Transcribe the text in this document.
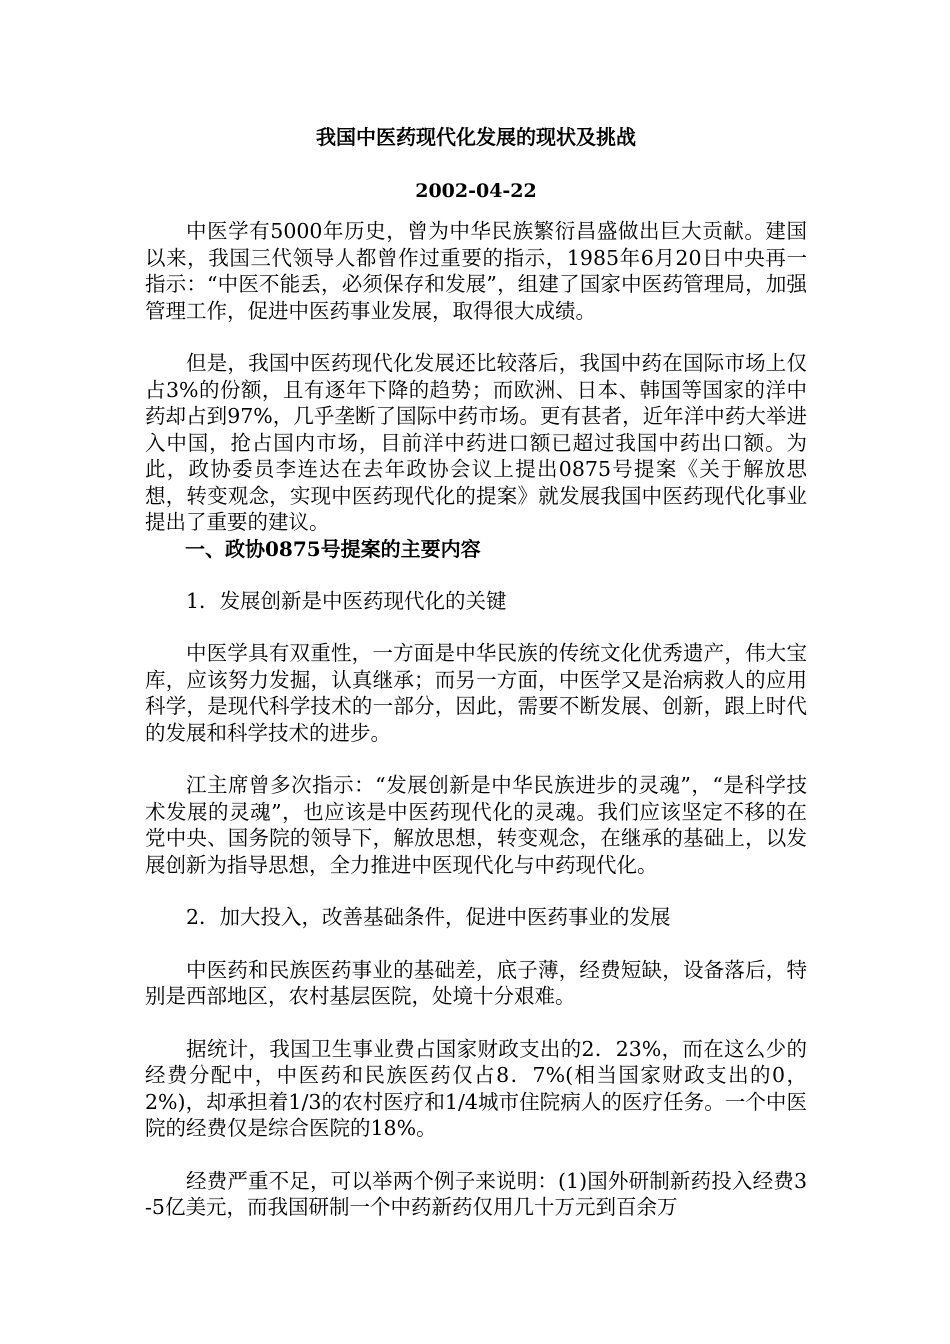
我国中医药现代化发展的现状及挑战

2002-04-22

中医学有5000年历史，曾为中华民族繁衍昌盛做出巨大贡献。建国以来，我国三代领导人都曾作过重要的指示，1985年6月20日中央再一指示：“中医不能丢，必须保存和发展”，组建了国家中医药管理局，加强管理工作，促进中医药事业发展，取得很大成绩。

但是，我国中医药现代化发展还比较落后，我国中药在国际市场上仅占3%的份额，且有逐年下降的趋势；而欧洲、日本、韩国等国家的洋中药却占到97%，几乎垄断了国际中药市场。更有甚者，近年洋中药大举进入中国，抢占国内市场，目前洋中药进口额已超过我国中药出口额。为此，政协委员李连达在去年政协会议上提出0875号提案《关于解放思想，转变观念，实现中医药现代化的提案》就发展我国中医药现代化事业提出了重要的建议。

一、政协0875号提案的主要内容

1．发展创新是中医药现代化的关键

中医学具有双重性，一方面是中华民族的传统文化优秀遗产，伟大宝库，应该努力发掘，认真继承；而另一方面，中医学又是治病救人的应用科学，是现代科学技术的一部分，因此，需要不断发展、创新，跟上时代的发展和科学技术的进步。

江主席曾多次指示：“发展创新是中华民族进步的灵魂”，“是科学技术发展的灵魂”，也应该是中医药现代化的灵魂。我们应该坚定不移的在党中央、国务院的领导下，解放思想，转变观念，在继承的基础上，以发展创新为指导思想，全力推进中医现代化与中药现代化。

2．加大投入，改善基础条件，促进中医药事业的发展

中医药和民族医药事业的基础差，底子薄，经费短缺，设备落后，特别是西部地区，农村基层医院，处境十分艰难。

据统计，我国卫生事业费占国家财政支出的2．23%，而在这么少的经费分配中，中医药和民族医药仅占8．7%(相当国家财政支出的0，2%)，却承担着1/3的农村医疗和1/4城市住院病人的医疗任务。一个中医院的经费仅是综合医院的18%。

经费严重不足，可以举两个例子来说明：(1)国外研制新药投入经费3-5亿美元，而我国研制一个中药新药仅用几十万元到百余万
